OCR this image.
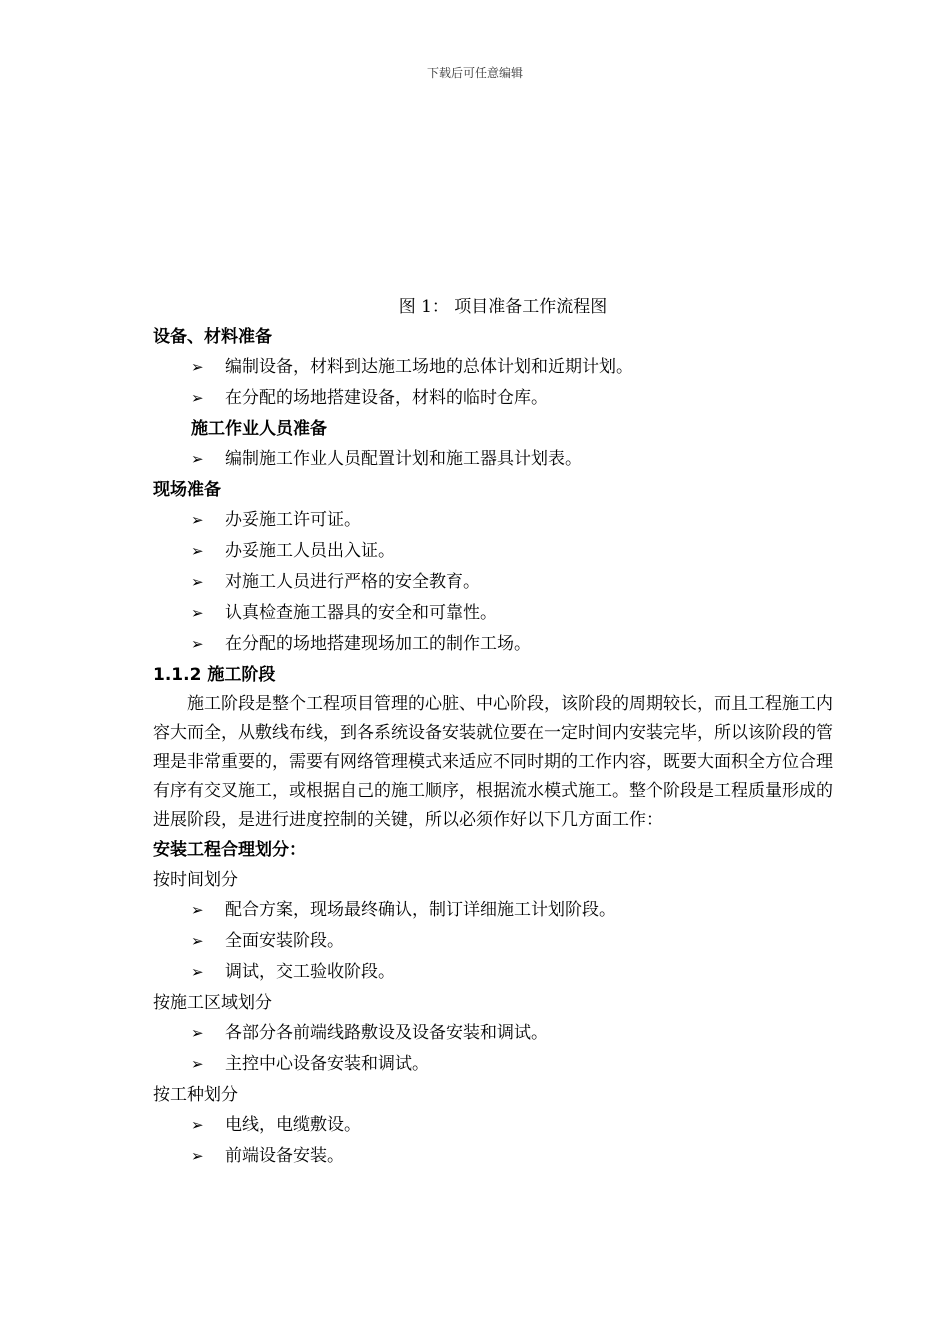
下载后可任意编辑
图 1： 项目准备工作流程图
设备、材料准备
➢ 编制设备，材料到达施工场地的总体计划和近期计划。
➢ 在分配的场地搭建设备，材料的临时仓库。
施工作业人员准备
➢ 编制施工作业人员配置计划和施工器具计划表。
现场准备
➢ 办妥施工许可证。
➢ 办妥施工人员出入证。
➢ 对施工人员进行严格的安全教育。
➢ 认真检查施工器具的安全和可靠性。
➢ 在分配的场地搭建现场加工的制作工场。
1.1.2 施工阶段

施工阶段是整个工程项目管理的心脏、中心阶段，该阶段的周期较长，而且工程施工内容大而全，从敷线布线，到各系统设备安装就位要在一定时间内安装完毕，所以该阶段的管理是非常重要的，需要有网络管理模式来适应不同时期的工作内容，既要大面积全方位合理有序有交叉施工，或根据自己的施工顺序，根据流水模式施工。整个阶段是工程质量形成的进展阶段，是进行进度控制的关键，所以必须作好以下几方面工作：

安装工程合理划分：
按时间划分
➢ 配合方案，现场最终确认，制订详细施工计划阶段。
➢ 全面安装阶段。
➢ 调试，交工验收阶段。
按施工区域划分
➢ 各部分各前端线路敷设及设备安装和调试。
➢ 主控中心设备安装和调试。
按工种划分
➢ 电线，电缆敷设。
➢ 前端设备安装。
